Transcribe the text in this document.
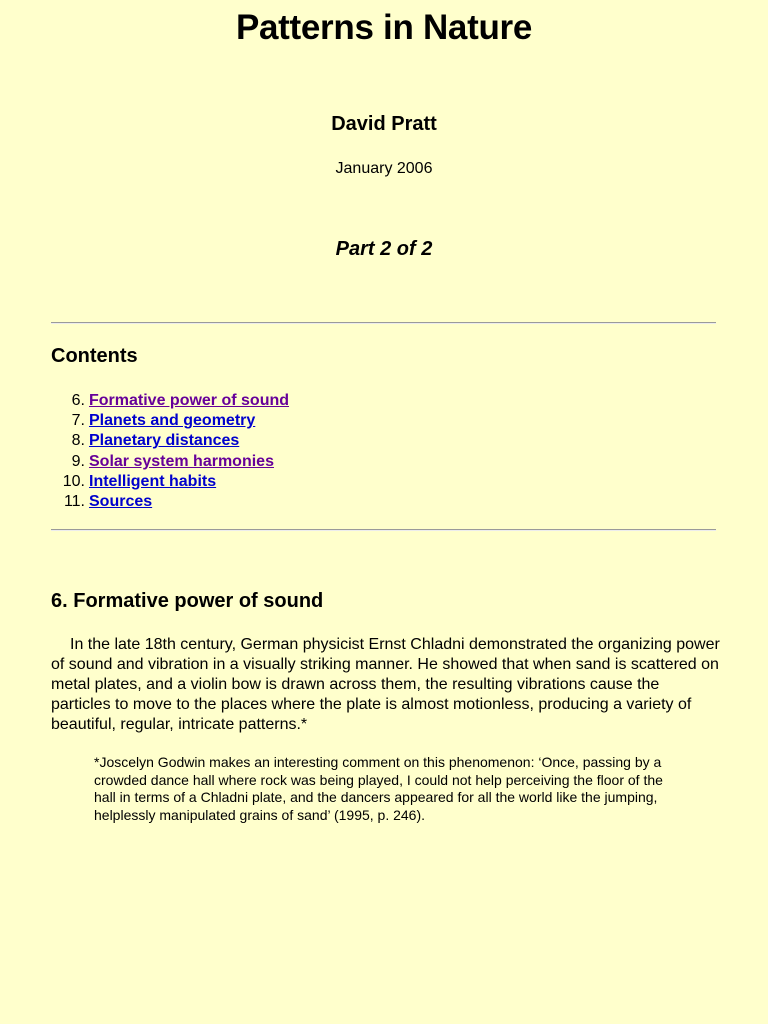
Patterns in Nature
David Pratt
January 2006
Part 2 of 2
Contents
6. Formative power of sound
7. Planets and geometry
8. Planetary distances
9. Solar system harmonies
10. Intelligent habits
11. Sources
6. Formative power of sound

In the late 18th century, German physicist Ernst Chladni demonstrated the organizing power of sound and vibration in a visually striking manner. He showed that when sand is scattered on metal plates, and a violin bow is drawn across them, the resulting vibrations cause the particles to move to the places where the plate is almost motionless, producing a variety of beautiful, regular, intricate patterns.*

*Joscelyn Godwin makes an interesting comment on this phenomenon: ‘Once, passing by a crowded dance hall where rock was being played, I could not help perceiving the floor of the hall in terms of a Chladni plate, and the dancers appeared for all the world like the jumping, helplessly manipulated grains of sand’ (1995, p. 246).
